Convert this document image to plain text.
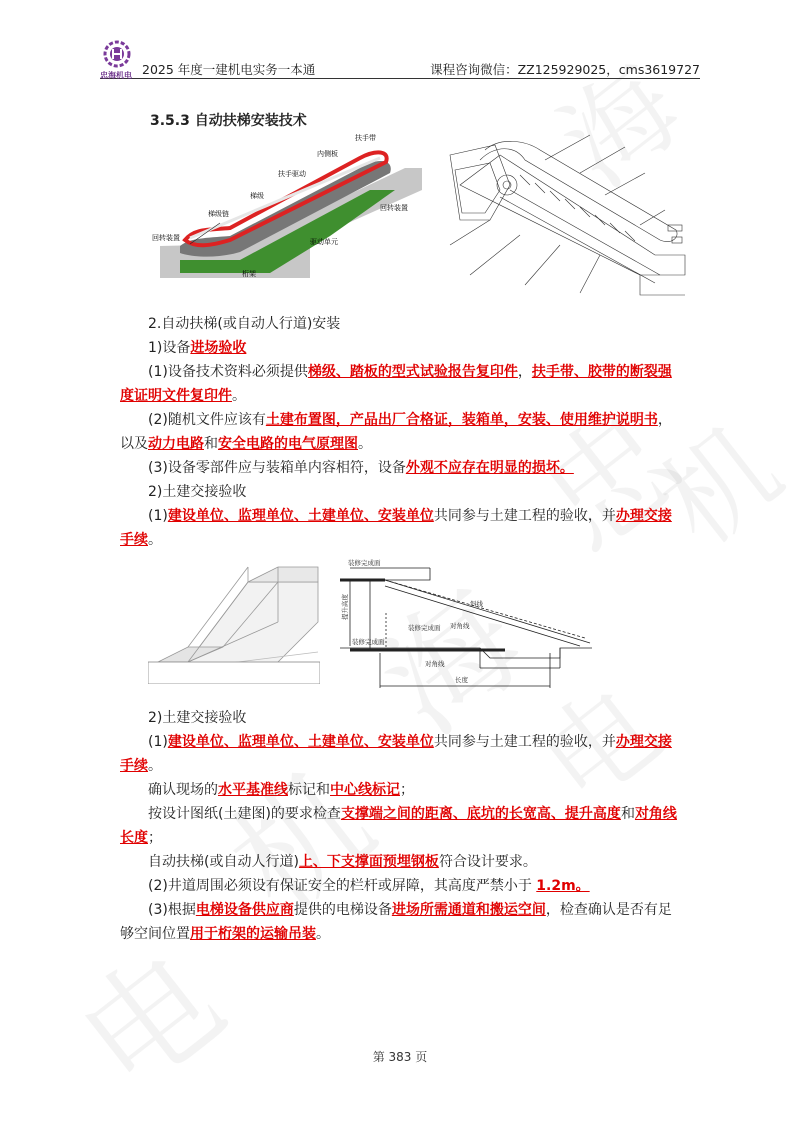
忠海机电 2025 年度一建机电实务一本通	课程咨询微信：ZZ125929025，cms3619727
3.5.3 自动扶梯安装技术
扶手带
内侧板
扶手驱动
梯级
梯级链
回转装置
回转装置
驱动单元
桁架
装修完成面
提升高度
装修完成面
装修完成面
斜线
对角线
对角线
长度
2.自动扶梯(或自动人行道)安装
1)设备进场验收
(1)设备技术资料必须提供梯级、踏板的型式试验报告复印件，扶手带、胶带的断裂强度证明文件复印件。
(2)随机文件应该有土建布置图，产品出厂合格证，装箱单，安装、使用维护说明书，以及动力电路和安全电路的电气原理图。
(3)设备零部件应与装箱单内容相符，设备外观不应存在明显的损坏。
2)土建交接验收
(1)建设单位、监理单位、土建单位、安装单位共同参与土建工程的验收，并办理交接手续。
2)土建交接验收
(1)建设单位、监理单位、土建单位、安装单位共同参与土建工程的验收，并办理交接手续。
确认现场的水平基准线标记和中心线标记；
按设计图纸(土建图)的要求检查支撑端之间的距离、底坑的长宽高、提升高度和对角线长度；
自动扶梯(或自动人行道)上、下支撑面预埋钢板符合设计要求。
(2)井道周围必须设有保证安全的栏杆或屏障，其高度严禁小于 1.2m。
(3)根据电梯设备供应商提供的电梯设备进场所需通道和搬运空间，检查确认是否有足够空间位置用于桁架的运输吊装。
第 383 页
